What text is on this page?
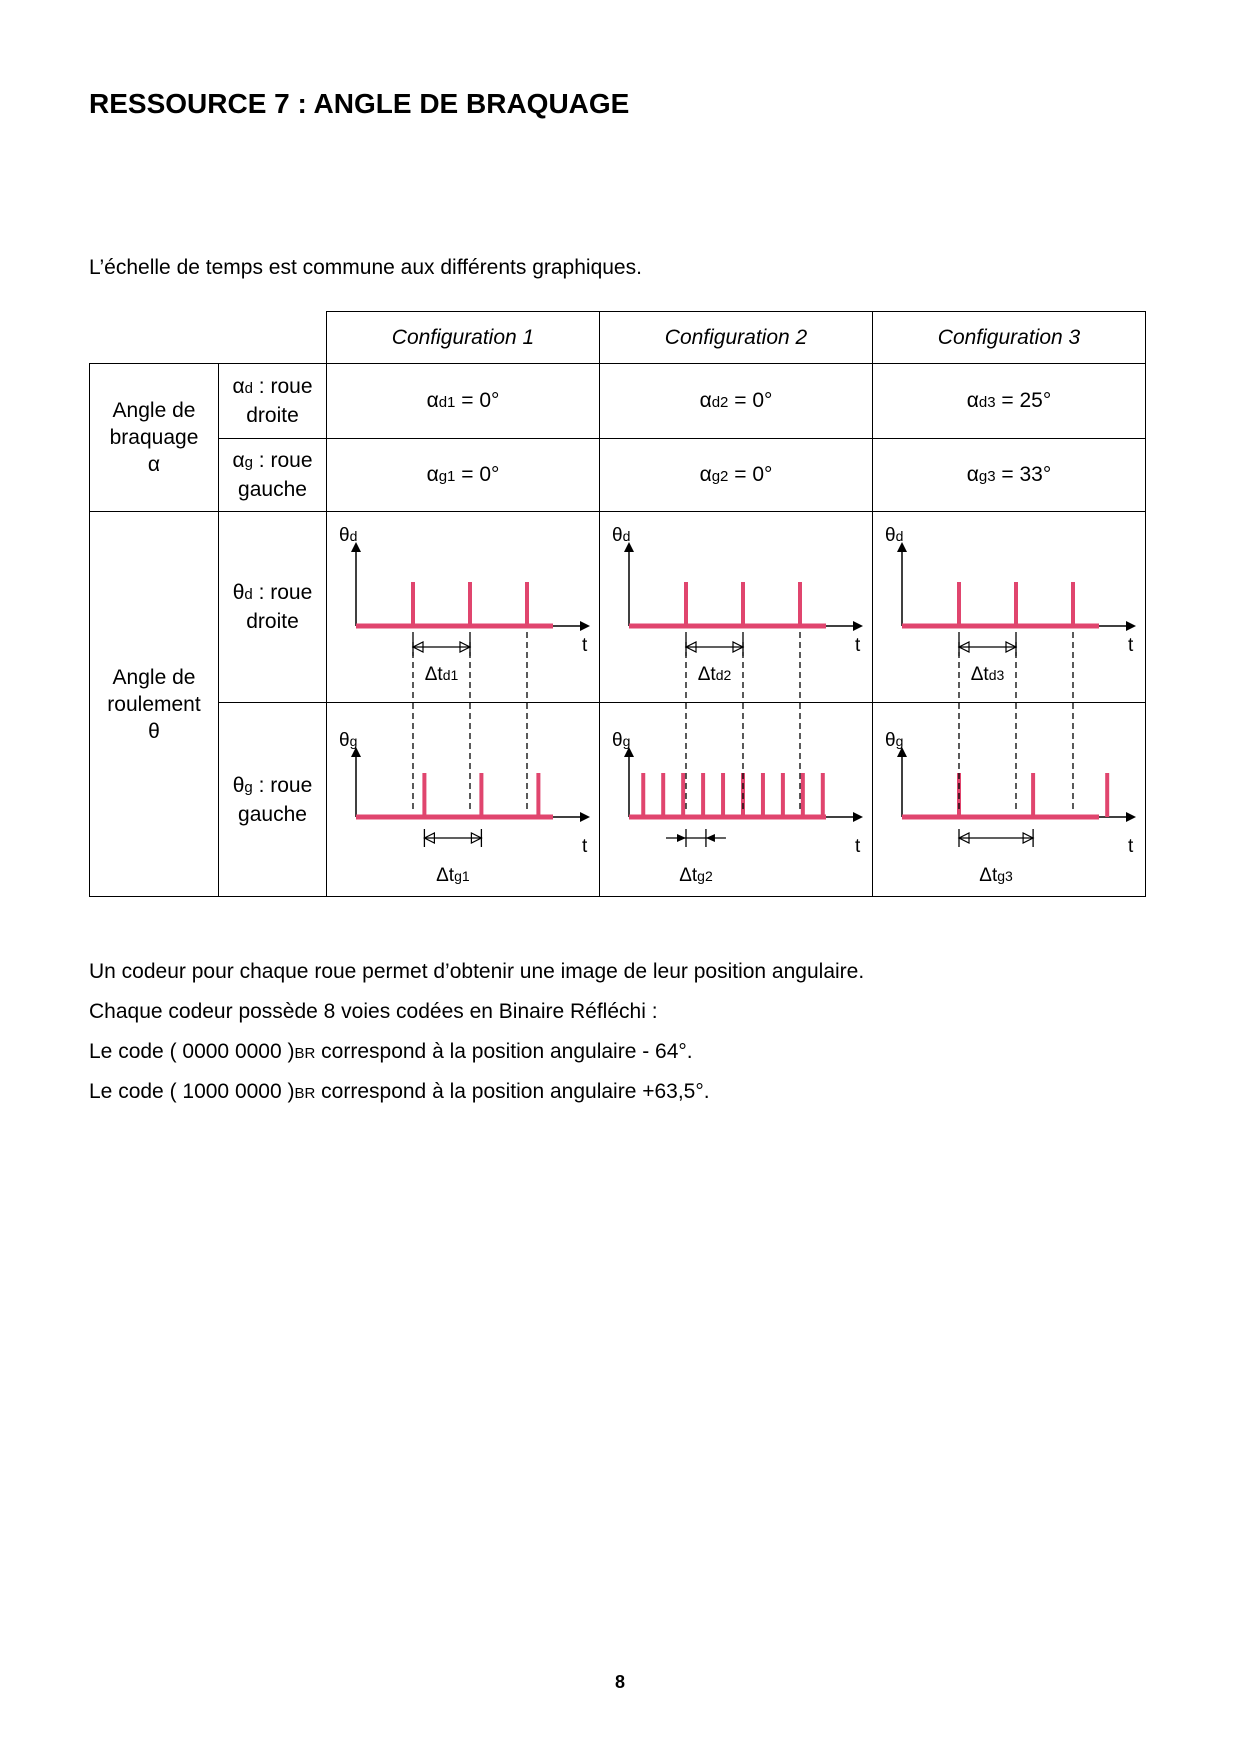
RESSOURCE 7 : ANGLE DE BRAQUAGE

L’échelle de temps est commune aux différents graphiques.

		Configuration 1	Configuration 2	Configuration 3
Angle de
braquage
α	αd : roue
droite	αd1 = 0°	αd2 = 0°	αd3 = 25°
	αg : roue
gauche	αg1 = 0°	αg2 = 0°	αg3 = 33°
Angle de
roulement
θ	θd : roue
droite	θd
t
Δtd1	θd
t
Δtd2	θd
t
Δtd3

	θg : roue
gauche	θg
t
Δtg1	θg
t
Δtg2	θg
t
Δtg3

Un codeur pour chaque roue permet d’obtenir une image de leur position angulaire.

Chaque codeur possède 8 voies codées en Binaire Réfléchi :

Le code ( 0000 0000 )BR correspond à la position angulaire - 64°.

Le code ( 1000 0000 )BR correspond à la position angulaire +63,5°.

8
